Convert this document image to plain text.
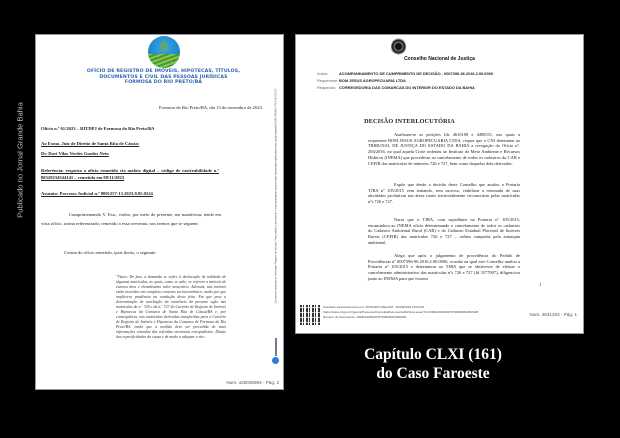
Publicado no Jornal Grande Bahia
OFÍCIO DE REGISTRO DE IMÓVEIS, HIPOTECAS, TÍTULOS,
DOCUMENTOS E CIVIL DAS PESSOAS JURÍDICAS
FORMOSA DO RIO PRETO/BA
Formosa do Rio Preto/BA, dia 13 de novembro de 2023.
Ofício n.º 61/2023 – RITDPJ de Formosa do Rio Preto/BA
Ao Exmo. Juiz de Direito de Santa Rita de Cássia:
Dr. Davi Vilas Verdes Guedes Neto
Referência: resposta a ofício remetido via malote digital – código de rastreabilidade n.º 80520234544141 – remetido em 08/11/2023
Assunto: Processo Judicial n.º 8001257-13.2023.8.05.0224
Cumprimentando V. Exa., venho, por meio do presente, me manifestar, tendo em vista ofício, acima referenciado, remetido a essa serventia, nos termos que se seguem:
Consta do ofício remetido, ipsis literis, o seguinte:
"Vistos. De fato, a demanda se refere à declaração de nulidade de algumas matrículas, as quais, como se sabe, se referem a imóveis de extensa área e elevadíssimo valor monetário. Ademais, tais imóveis estão inseridos em complexo contexto socioeconômico, razão por que implica-se prudência na condução deste feito. Em que pese a determinação de averbação da existência da presente ação nas matrículas de n.º 726 e da n.º 727 do Cartório de Registro de Imóveis e Hipotecas da Comarca de Santa Rita de Cássia/BA e, por consequência, nas matrículas derivadas transferidas para o Cartório de Registro de Imóveis e Hipotecas da Comarca de Formosa do Rio Preto/BA, tendo que a medida deve ser precedida de mais informações oriundas das referidas serventias extrajudiciais. Diante das especificidades da causa e de modo a adequar o rito
Documento assinado no Assinador Registro de Imóveis. Para validar o documento e suas assinaturas acesse https://assinador.registrodeimoveis.org.br/validate/HHV8D-RPWEK-PVJFW-CAJYG
Num. 420036994 - Pág. 2
Conselho Nacional de Justiça
Autos:	ACOMPANHAMENTO DE CUMPRIMENTO DE DECISÃO - 0007396-96.2016.2.00.0000
Requerente:BOM JESUS AGROPECUARIA LTDA
Requerido: CORREGEDORIA DAS COMARCAS DO INTERIOR DO ESTADO DA BAHIA
DECISÃO INTERLOCUTÓRIA
Analisam-se as petições Ids 4610108 e 4498511, nas quais a requerente BOM JESUS AGROPECUARIA LTDA. requer que o CNJ determine ao TRIBUNAL DE JUSTIÇA DO ESTADO DA BAHIA a revogação do Ofício nº. 204/2016, no qual aquela Corte ordenou ao Instituto do Meio Ambiente e Recursos Hídricos (INEMA) que procedesse ao cancelamento de todos os cadastros do CAR e CEFIR das matrículas de números 726 e 727, bem como daquelas dela derivadas.
Expõe que desde a decisão deste Conselho que anulou a Portaria TJBA nº 105/2015 vem tentando, sem sucesso, viabilizar a retomada de suas atividades produtivas nas áreas rurais territorialmente circunscritas pelas matrículas nºs 726 e 727.
Narra que o TJBA, com supedâneo na Portaria nº 105/2015, encaminhou ao INEMA ofício determinando o cancelamento de todos os cadastros do Cadastro Ambiental Rural (CAR) e do Cadastro Estadual Florestal de Imóveis Rurais (CEFIR) das matrículas 726 e 727 – ordem cumprida pela autarquia ambiental.
Alega que após o julgamento de procedência do Pedido de Providências nº 0007396-96.2016.2.00.0000, ocasião na qual este Conselho anulou a Portaria nº 105/2015 e determinou ao TJBA que se abstivesse de efetuar o cancelamento administrativo das matrículas nºs 726 e 727 (Id 3577907), diligenciou junto ao INEMA para que fossem
1
Assinado eletronicamente por: RICHARD PAE KIM - 22/08/2023 18:04:26
https://www.cnj.jus.br/pjecnj/Processo/ConsultaDocumento/listView.seam?x=23082218043979700000004390328
Número do documento: 23082218043979700000004390328	Num. 4631263 - Pág. 1
Capítulo CLXI (161)
do Caso Faroeste
